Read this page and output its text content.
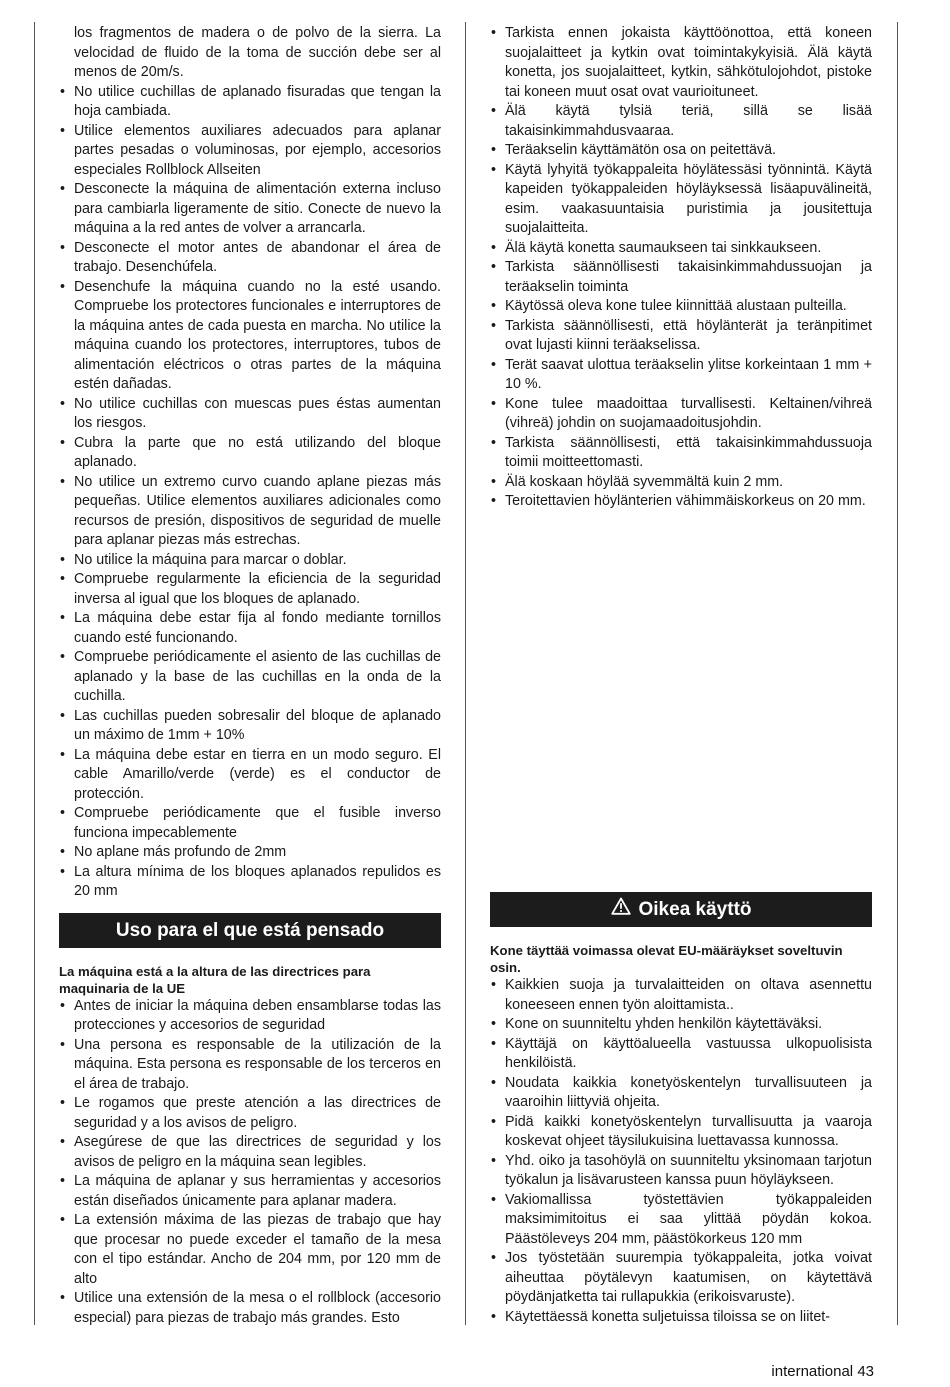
los fragmentos de madera o de polvo de la sierra. La velocidad de fluido de la toma de succión debe ser al menos de 20m/s.

• No utilice cuchillas de aplanado fisuradas que tengan la hoja cambiada.
• Utilice elementos auxiliares adecuados para aplanar partes pesadas o voluminosas, por ejemplo, accesorios especiales Rollblock Allseiten
• Desconecte la máquina de alimentación externa incluso para cambiarla ligeramente de sitio. Conecte de nuevo la máquina a la red antes de volver a arrancarla.
• Desconecte el motor antes de abandonar el área de trabajo. Desenchúfela.
• Desenchufe la máquina cuando no la esté usando. Compruebe los protectores funcionales e interruptores de la máquina antes de cada puesta en marcha. No utilice la máquina cuando los protectores, interruptores, tubos de alimentación eléctricos o otras partes de la máquina estén dañadas.
• No utilice cuchillas con muescas pues éstas aumentan los riesgos.
• Cubra la parte que no está utilizando del bloque aplanado.
• No utilice un extremo curvo cuando aplane piezas más pequeñas. Utilice elementos auxiliares adicionales como recursos de presión, dispositivos de seguridad de muelle para aplanar piezas más estrechas.
• No utilice la máquina para marcar o doblar.
• Compruebe regularmente la eficiencia de la seguridad inversa al igual que los bloques de aplanado.
• La máquina debe estar fija al fondo mediante tornillos cuando esté funcionando.
• Compruebe periódicamente el asiento de las cuchillas de aplanado y la base de las cuchillas en la onda de la cuchilla.
• Las cuchillas pueden sobresalir del bloque de aplanado un máximo de 1mm + 10%
• La máquina debe estar en tierra en un modo seguro. El cable Amarillo/verde (verde) es el conductor de protección.
• Compruebe periódicamente que el fusible inverso funciona impecablemente
• No aplane más profundo de 2mm
• La altura mínima de los bloques aplanados repulidos es 20 mm
Uso para el que está pensado

La máquina está a la altura de las directrices para maquinaria de la UE

• Antes de iniciar la máquina deben ensamblarse todas las protecciones y accesorios de seguridad
• Una persona es responsable de la utilización de la máquina. Esta persona es responsable de los terceros en el área de trabajo.
• Le rogamos que preste atención a las directrices de seguridad y a los avisos de peligro.
• Asegúrese de que las directrices de seguridad y los avisos de peligro en la máquina sean legibles.
• La máquina de aplanar y sus herramientas y accesorios están diseñados únicamente para aplanar madera.
• La extensión máxima de las piezas de trabajo que hay que procesar no puede exceder el tamaño de la mesa con el tipo estándar. Ancho de 204 mm, por 120 mm de alto
• Utilice una extensión de la mesa o el rollblock (accesorio especial) para piezas de trabajo más grandes. Esto
• Tarkista ennen jokaista käyttöönottoa, että koneen suojalaitteet ja kytkin ovat toimintakykyisiä. Älä käytä konetta, jos suojalaitteet, kytkin, sähkötulojohdot, pistoke tai koneen muut osat ovat vaurioituneet.
• Älä käytä tylsiä teriä, sillä se lisää takaisinkimmahdusvaaraa.
• Teräakselin käyttämätön osa on peitettävä.
• Käytä lyhyitä työkappaleita höylätessäsi työnnintä. Käytä kapeiden työkappaleiden höyläyksessä lisäapuvälineitä, esim. vaakasuuntaisia puristimia ja jousitettuja suojalaitteita.
• Älä käytä konetta saumaukseen tai sinkkaukseen.
• Tarkista säännöllisesti takaisinkimmahdussuojan ja teräakselin toiminta
• Käytössä oleva kone tulee kiinnittää alustaan pulteilla.
• Tarkista säännöllisesti, että höylänterät ja teränpitimet ovat lujasti kiinni teräakselissa.
• Terät saavat ulottua teräakselin ylitse korkeintaan 1 mm + 10 %.
• Kone tulee maadoittaa turvallisesti. Keltainen/vihreä (vihreä) johdin on suojamaadoitusjohdin.
• Tarkista säännöllisesti, että takaisinkimmahdussuoja toimii moitteettomasti.
• Älä koskaan höylää syvemmältä kuin 2 mm.
• Teroitettavien höylänterien vähimmäiskorkeus on 20 mm.
Oikea käyttö

Kone täyttää voimassa olevat EU-määräykset soveltuvin osin.

• Kaikkien suoja ja turvalaitteiden on oltava asennettu koneeseen ennen työn aloittamista..
• Kone on suunniteltu yhden henkilön käytettäväksi.
• Käyttäjä on käyttöalueella vastuussa ulkopuolisista henkilöistä.
• Noudata kaikkia konetyöskentelyn turvallisuuteen ja vaaroihin liittyviä ohjeita.
• Pidä kaikki konetyöskentelyn turvallisuutta ja vaaroja koskevat ohjeet täysilukuisina luettavassa kunnossa.
• Yhd. oiko ja tasohöylä on suunniteltu yksinomaan tarjotun työkalun ja lisävarusteen kanssa puun höyläykseen.
• Vakiomallissa työstettävien työkappaleiden maksimimitoitus ei saa ylittää pöydän kokoa. Päästöleveys 204 mm, päästökorkeus 120 mm
• Jos työstetään suurempia työkappaleita, jotka voivat aiheuttaa pöytälevyn kaatumisen, on käytettävä pöydänjatketta tai rullapukkia (erikoisvaruste).
• Käytettäessä konetta suljetuissa tiloissa se on liitet-
international 43
